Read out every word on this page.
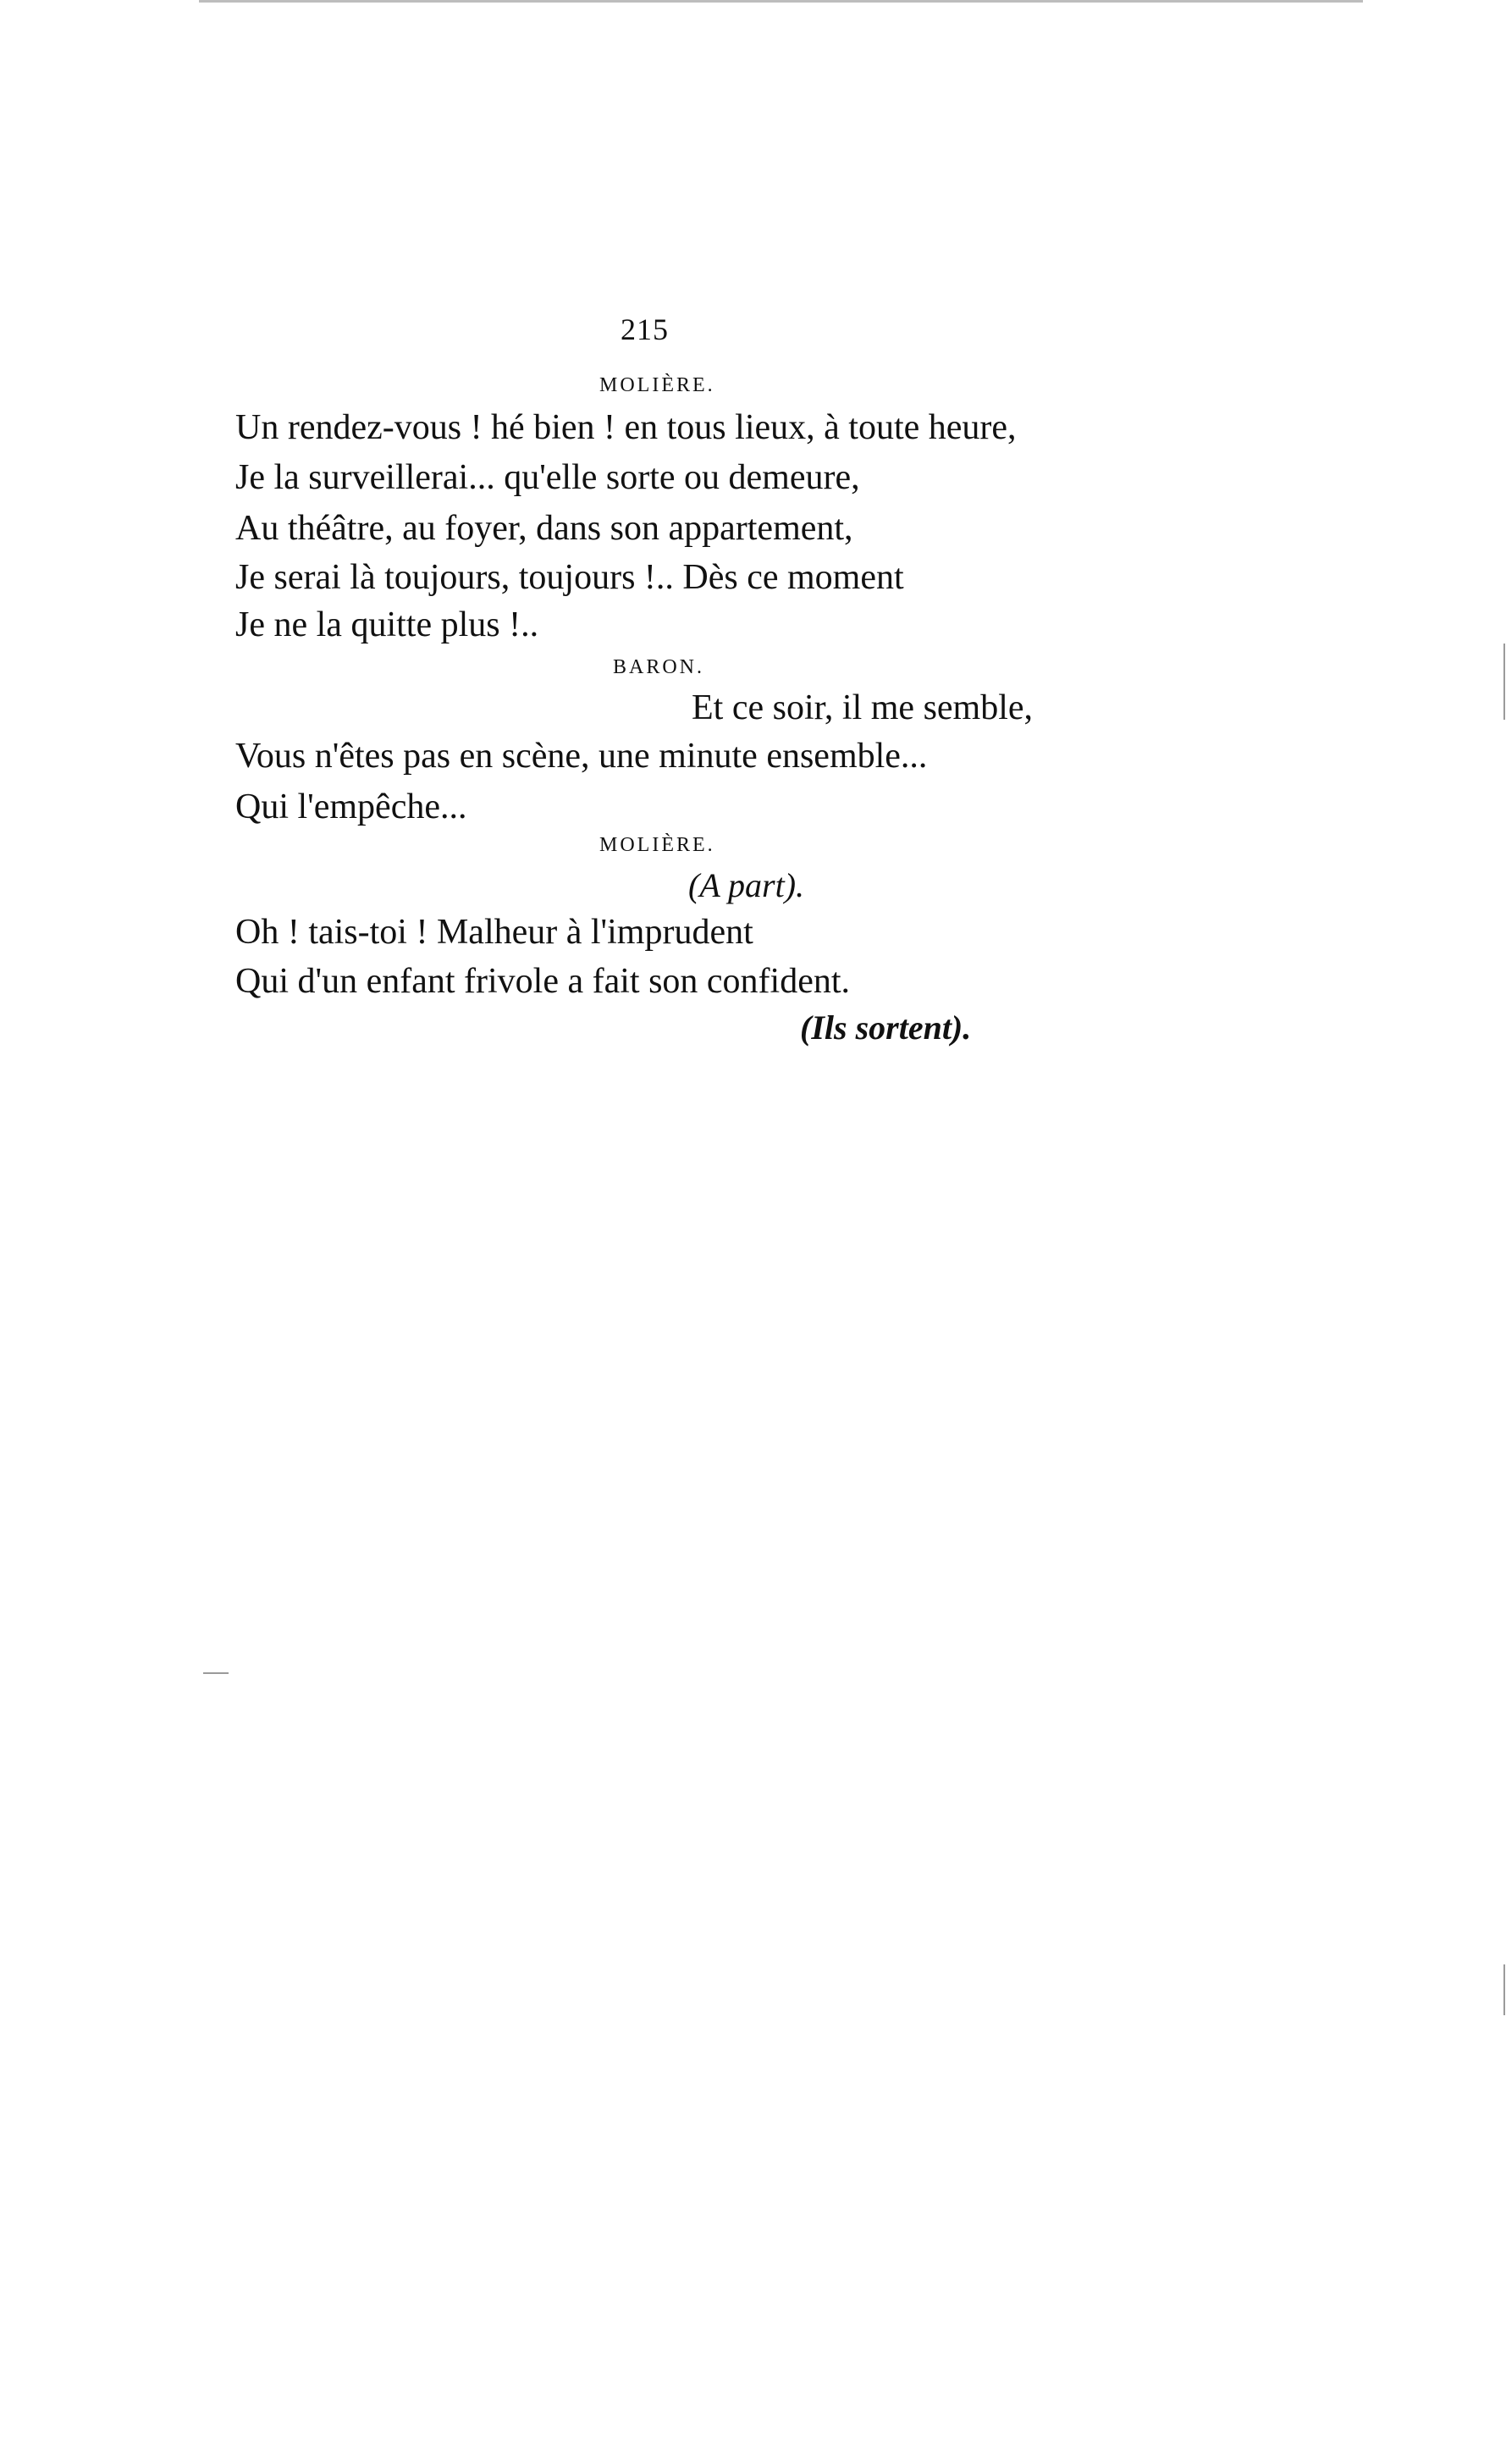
215
MOLIÈRE.
Un rendez-vous ! hé bien ! en tous lieux, à toute heure,
Je la surveillerai... qu'elle sorte ou demeure,
Au théâtre, au foyer, dans son appartement,
Je serai là toujours, toujours !.. Dès ce moment
Je ne la quitte plus !..
BARON.
Et ce soir, il me semble,
Vous n'êtes pas en scène, une minute ensemble...
Qui l'empêche...
MOLIÈRE.
(A part).
Oh ! tais-toi ! Malheur à l'imprudent
Qui d'un enfant frivole a fait son confident.
(Ils sortent).
